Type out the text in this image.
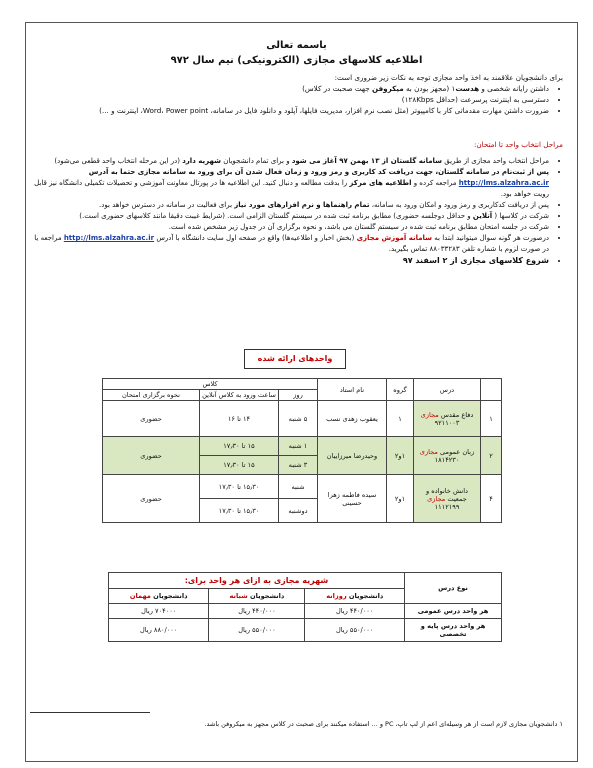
باسمه تعالی
اطلاعیه کلاسهای مجازی (الکترونیکی) نیم سال ۹۷۲
برای دانشجویان علاقمند به اخذ واحد مجازی توجه به نکات زیر ضروری است:
• داشتن رایانه شخصی و هدست۱ (مجهز بودن به میکروفن جهت صحبت در کلاس)
• دسترسی به اینترنت پرسرعت (حداقل ۱۲۸Kbps)
• ضرورت داشتن مهارت مقدماتی کار با کامپیوتر (مثل نصب نرم افزار، مدیریت فایلها، آپلود و دانلود فایل در سامانه، Word، Power point، اینترنت و ...)
مراحل انتخاب واحد تا امتحان:
• مراحل انتخاب واحد مجازی از طریق سامانه گلستان از ۱۳ بهمن ۹۷ آغاز می شود و برای تمام دانشجویان شهریه دارد (در این مرحله انتخاب واحد قطعی می‌شود)
• پس از ثبت‌نام در سامانه گلستان، جهت دریافت کد کاربری و رمز ورود و زمان فعال شدن آن برای ورود به سامانه مجازی حتما به آدرس http://lms.alzahra.ac.ir مراجعه کرده و اطلاعیه های مرکز را بدقت مطالعه و دنبال کنید. این اطلاعیه ها در پورتال معاونت آموزشی و تحصیلات تکمیلی دانشگاه نیز قابل رویت خواهد بود.
• پس از دریافت کدکاربری و رمز ورود و امکان ورود به سامانه، تمام راهنماها و نرم افزارهای مورد نیاز برای فعالیت در سامانه در دسترس خواهد بود.
• شرکت در کلاسها ( آنلاین و حداقل دوجلسه حضوری) مطابق برنامه ثبت شده در سیستم گلستان الزامی است. (شرایط غیبت دقیقا مانند کلاسهای حضوری است.)
• شرکت در جلسه امتحان مطابق برنامه ثبت شده در سیستم گلستان می باشد، و نحوه برگزاری آن در جدول زیر مشخص شده است.
• درصورت هر گونه سوال میتوانید ابتدا به سامانه آموزش مجازی (بخش اخبار و اطلاعیه‌ها) واقع در صفحه اول سایت دانشگاه با آدرس http://lms.alzahra.ac.ir مراجعه یا در صورت لزوم با شماره تلفن ۸۸۰۳۳۲۸۳ تماس بگیرید.
• شروع کلاسهای مجازی از ۲ اسفند ۹۷
واحدهای ارائه شده
	درس	گروه	نام استاد	کلاس		
				روز	ساعت ورود به کلاس آنلاین	نحوه برگزاری امتحان
۱	دفاع مقدس مجازی
۹۲۱۱۰۰۳	۱	یعقوب زهدی نسب	۵ شنبه	۱۴ تا ۱۶	حضوری
۲	زبان عمومی مجازی
۱۸۱۴۲۳۰	۱و۲	وحیدرضا میرزاییان	۱ شنبه	۱۵ تا ۱۷٫۳۰	حضوری
				۳ شنبه	۱۵ تا ۱۷٫۳۰	
۴	دانش خانواده و جمعیت مجازی
۱۱۱۲۱۹۹	۱و۲	سیده فاطمه زهرا حسینی	شنبه	۱۵٫۳۰ تا ۱۷٫۳۰	حضوری
				دوشنبه	۱۵٫۳۰ تا ۱۷٫۳۰	
نوع درس	شهریه مجازی به ازای هر واحد برای:		
	دانشجویان روزانه	دانشجویان شبانه	دانشجویان مهمان
هر واحد درس عمومی	۴۴۰/۰۰۰ ریال	۴۴۰/۰۰۰ ریال	۷۰۴۰۰۰ ریال
هر واحد درس پایه و تخصصی	۵۵۰/۰۰۰ ریال	۵۵۰/۰۰۰ ریال	۸۸۰/۰۰۰ ریال
۱ دانشجویان مجازی لازم است از هر وسیله‌ای اعم از لپ تاپ، PC و ... استفاده میکنند برای صحبت در کلاس مجهز به میکروفن باشد.
